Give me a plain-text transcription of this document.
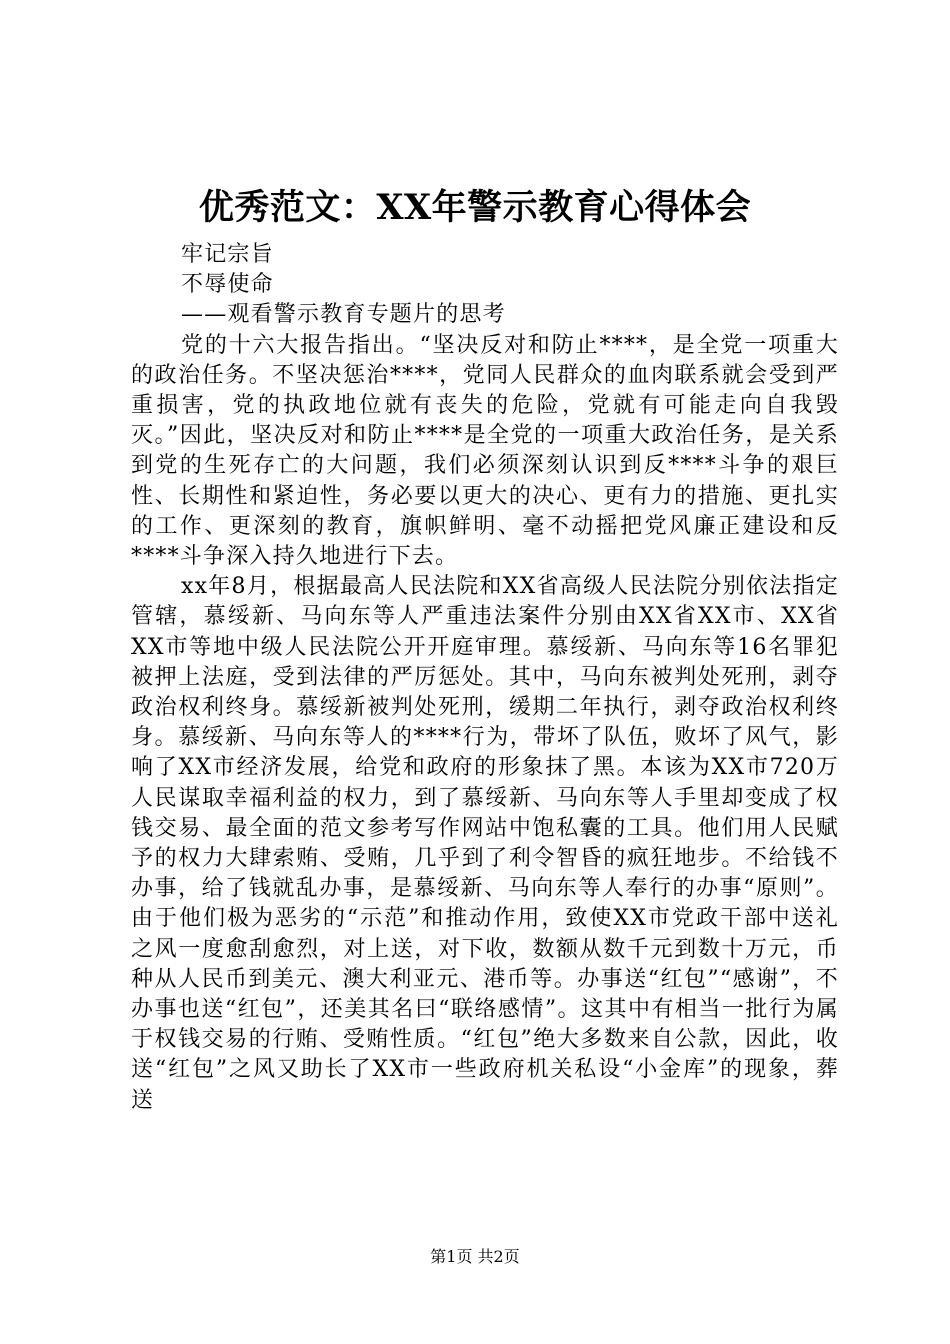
优秀范文：XX年警示教育心得体会

牢记宗旨

不辱使命

——观看警示教育专题片的思考

党的十六大报告指出。“坚决反对和防止****，是全党一项重大的政治任务。不坚决惩治****，党同人民群众的血肉联系就会受到严重损害，党的执政地位就有丧失的危险，党就有可能走向自我毁灭。”因此，坚决反对和防止****是全党的一项重大政治任务，是关系到党的生死存亡的大问题，我们必须深刻认识到反****斗争的艰巨性、长期性和紧迫性，务必要以更大的决心、更有力的措施、更扎实的工作、更深刻的教育，旗帜鲜明、毫不动摇把党风廉正建设和反****斗争深入持久地进行下去。

xx年8月，根据最高人民法院和XX省高级人民法院分别依法指定管辖，慕绥新、马向东等人严重违法案件分别由XX省XX市、XX省XX市等地中级人民法院公开开庭审理。慕绥新、马向东等16名罪犯被押上法庭，受到法律的严厉惩处。其中，马向东被判处死刑，剥夺政治权利终身。慕绥新被判处死刑，缓期二年执行，剥夺政治权利终身。慕绥新、马向东等人的****行为，带坏了队伍，败坏了风气，影响了XX市经济发展，给党和政府的形象抹了黑。本该为XX市720万人民谋取幸福利益的权力，到了慕绥新、马向东等人手里却变成了权钱交易、最全面的范文参考写作网站中饱私囊的工具。他们用人民赋予的权力大肆索贿、受贿，几乎到了利令智昏的疯狂地步。不给钱不办事，给了钱就乱办事，是慕绥新、马向东等人奉行的办事“原则”。由于他们极为恶劣的“示范”和推动作用，致使XX市党政干部中送礼之风一度愈刮愈烈，对上送，对下收，数额从数千元到数十万元，币种从人民币到美元、澳大利亚元、港币等。办事送“红包”“感谢”，不办事也送“红包”，还美其名曰“联络感情”。这其中有相当一批行为属于权钱交易的行贿、受贿性质。“红包”绝大多数来自公款，因此，收送“红包”之风又助长了XX市一些政府机关私设“小金库”的现象，葬送

第1页 共2页
